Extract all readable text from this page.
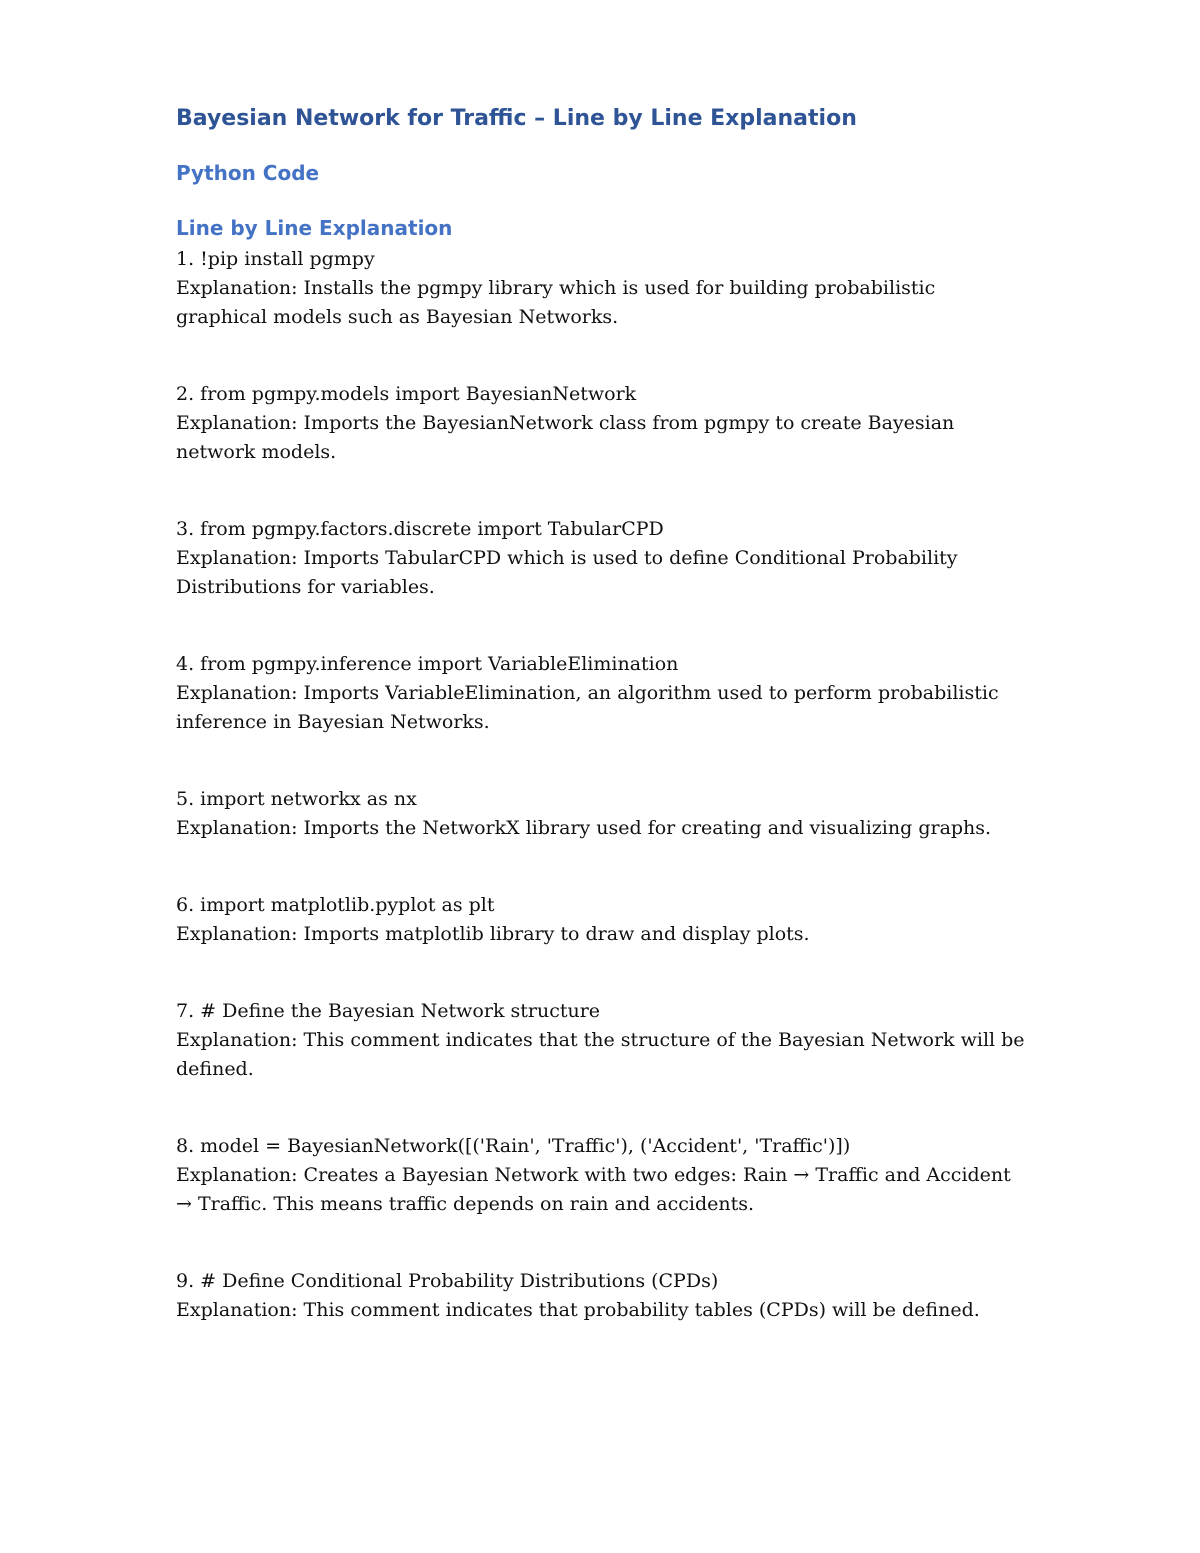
Bayesian Network for Traffic – Line by Line Explanation
Python Code
Line by Line Explanation
1. !pip install pgmpy
Explanation: Installs the pgmpy library which is used for building probabilistic graphical models such as Bayesian Networks.
2. from pgmpy.models import BayesianNetwork
Explanation: Imports the BayesianNetwork class from pgmpy to create Bayesian network models.
3. from pgmpy.factors.discrete import TabularCPD
Explanation: Imports TabularCPD which is used to define Conditional Probability Distributions for variables.
4. from pgmpy.inference import VariableElimination
Explanation: Imports VariableElimination, an algorithm used to perform probabilistic inference in Bayesian Networks.
5. import networkx as nx
Explanation: Imports the NetworkX library used for creating and visualizing graphs.
6. import matplotlib.pyplot as plt
Explanation: Imports matplotlib library to draw and display plots.
7. # Define the Bayesian Network structure
Explanation: This comment indicates that the structure of the Bayesian Network will be defined.
8. model = BayesianNetwork([('Rain', 'Traffic'), ('Accident', 'Traffic')])
Explanation: Creates a Bayesian Network with two edges: Rain → Traffic and Accident → Traffic. This means traffic depends on rain and accidents.
9. # Define Conditional Probability Distributions (CPDs)
Explanation: This comment indicates that probability tables (CPDs) will be defined.
